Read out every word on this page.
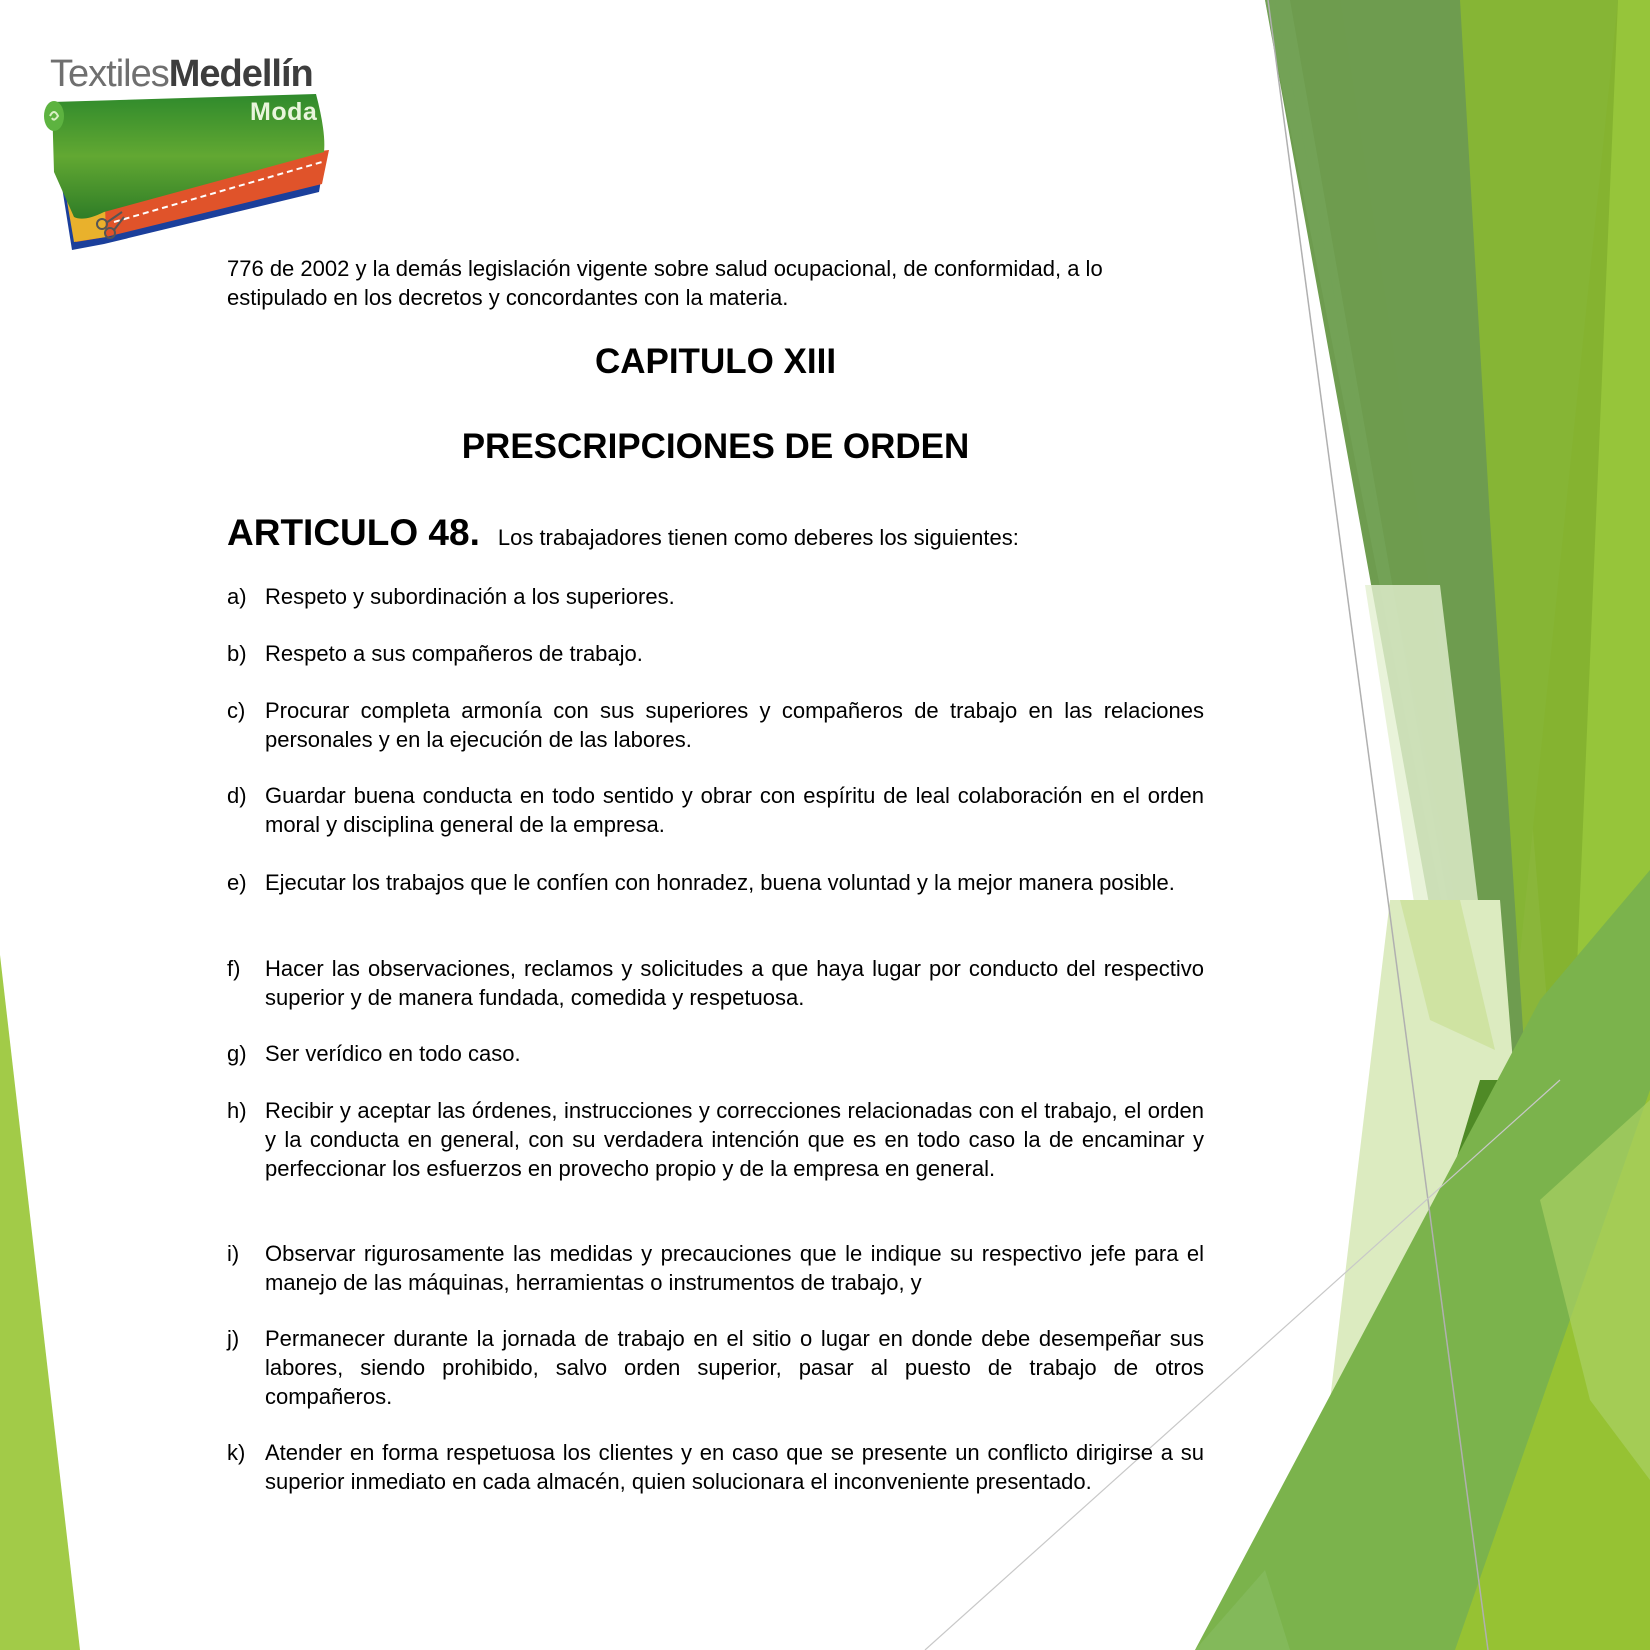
TextilesMedellín
Moda

776 de 2002 y la demás legislación vigente sobre salud ocupacional, de conformidad, a lo estipulado en los decretos y concordantes con la materia.

CAPITULO XIII
PRESCRIPCIONES DE ORDEN
ARTICULO 48. Los trabajadores tienen como deberes los siguientes:
a) Respeto y subordinación a los superiores.
b) Respeto a sus compañeros de trabajo.
c) Procurar completa armonía con sus superiores y compañeros de trabajo en las relaciones personales y en la ejecución de las labores.
d) Guardar buena conducta en todo sentido y obrar con espíritu de leal colaboración en el orden moral y disciplina general de la empresa.
e) Ejecutar los trabajos que le confíen con honradez, buena voluntad y la mejor manera posible.
f)	Hacer las observaciones, reclamos y solicitudes a que haya lugar por conducto del respectivo superior y de manera fundada, comedida y respetuosa.
g) Ser verídico en todo caso.
h) Recibir y aceptar las órdenes, instrucciones y correcciones relacionadas con el trabajo, el orden y la conducta en general, con su verdadera intención que es en todo caso la de encaminar y perfeccionar los esfuerzos en provecho propio y de la empresa en general.
i)	Observar rigurosamente las medidas y precauciones que le indique su respectivo jefe para el manejo de las máquinas, herramientas o instrumentos de trabajo, y
j)	Permanecer durante la jornada de trabajo en el sitio o lugar en donde debe desempeñar sus labores, siendo prohibido, salvo orden superior, pasar al puesto de trabajo de otros compañeros.
k) Atender en forma respetuosa los clientes y en caso que se presente un conflicto dirigirse a su superior inmediato en cada almacén, quien solucionara el inconveniente presentado.
